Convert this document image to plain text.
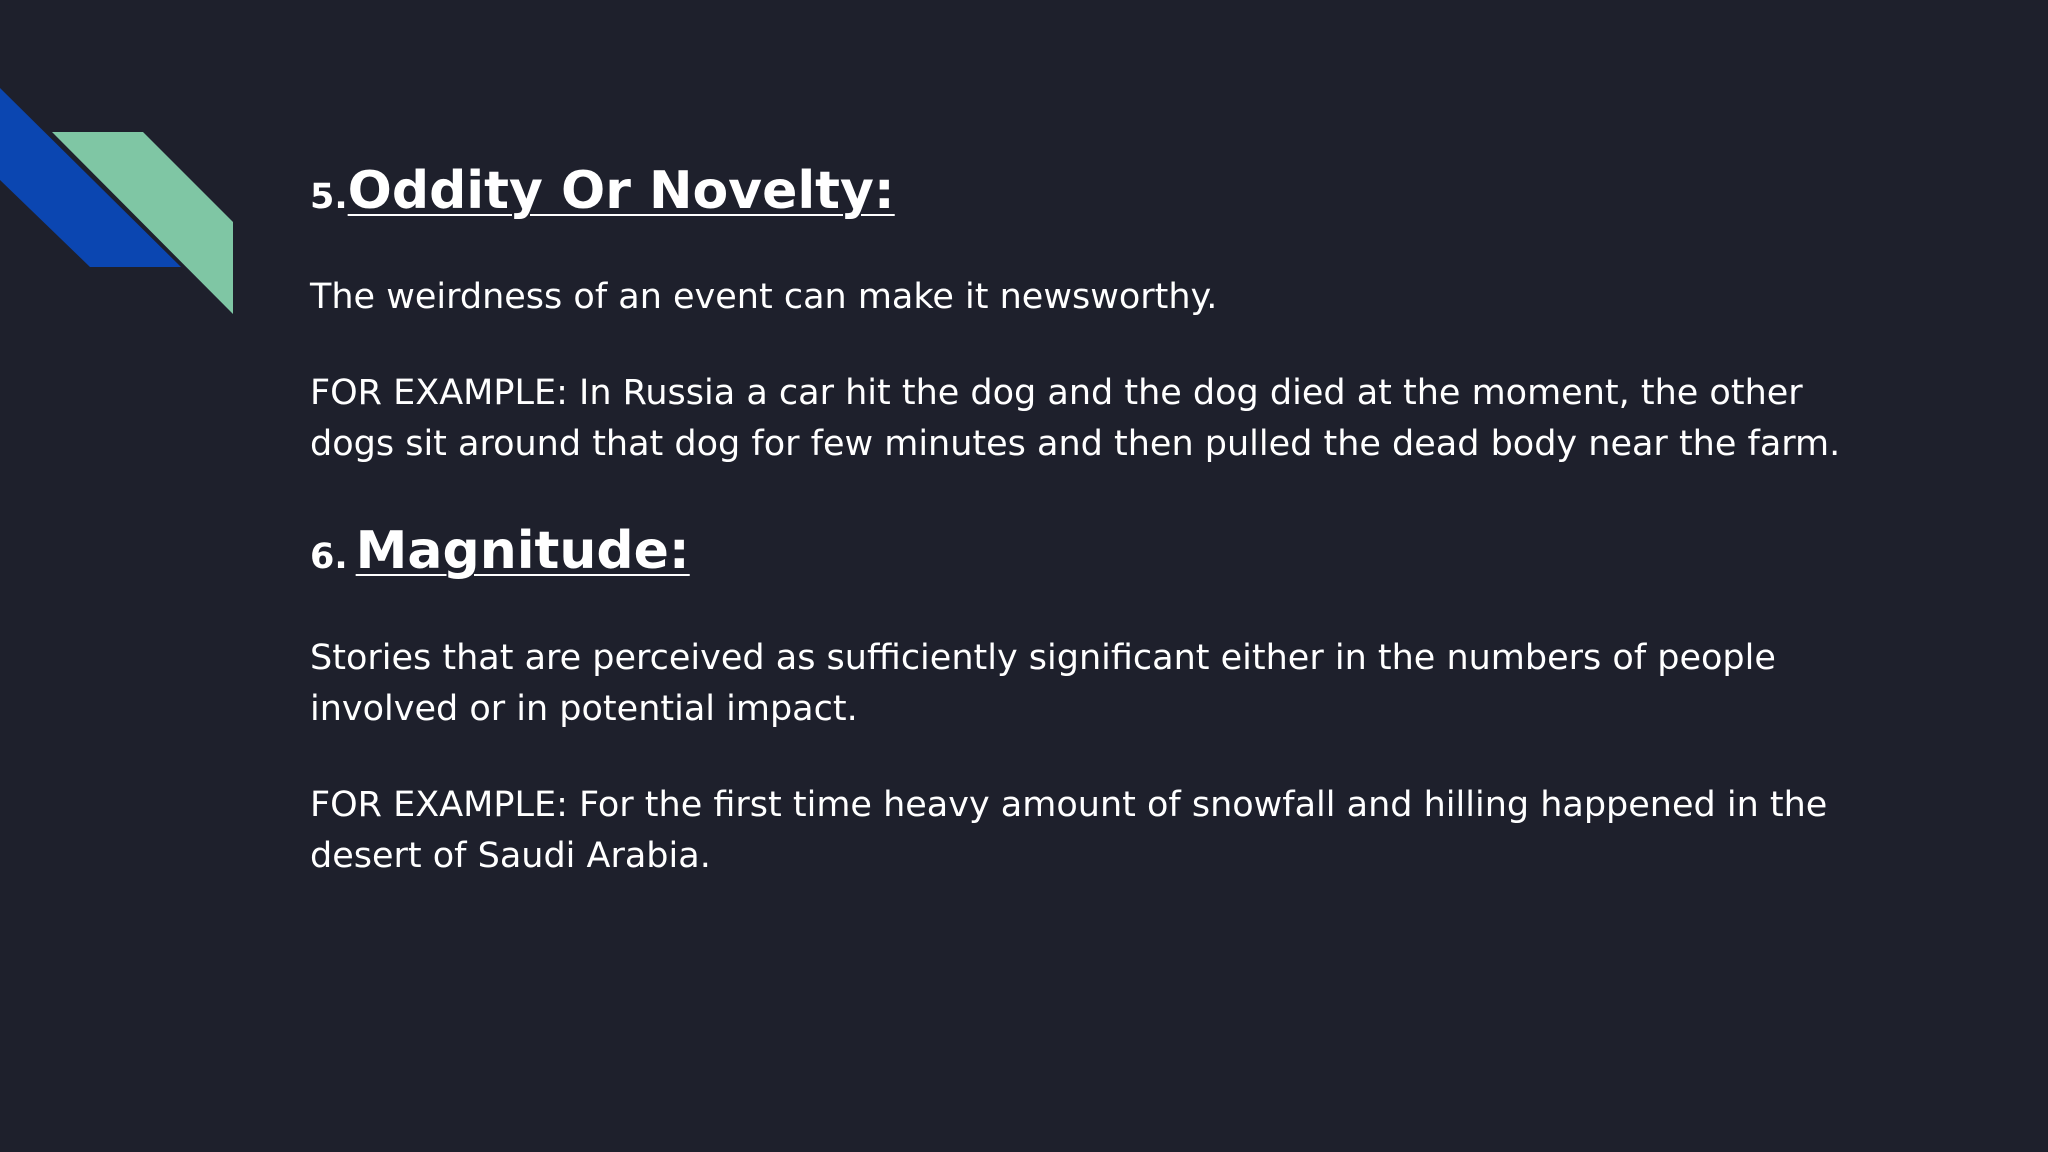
5.Oddity Or Novelty:

The weirdness of an event can make it newsworthy.

FOR EXAMPLE: In Russia a car hit the dog and the dog died at the moment, the other dogs sit around that dog for few minutes and then pulled the dead body near the farm.

6. Magnitude:

Stories that are perceived as sufficiently significant either in the numbers of people involved or in potential impact.

FOR EXAMPLE: For the first time heavy amount of snowfall and hilling happened in the desert of Saudi Arabia.
